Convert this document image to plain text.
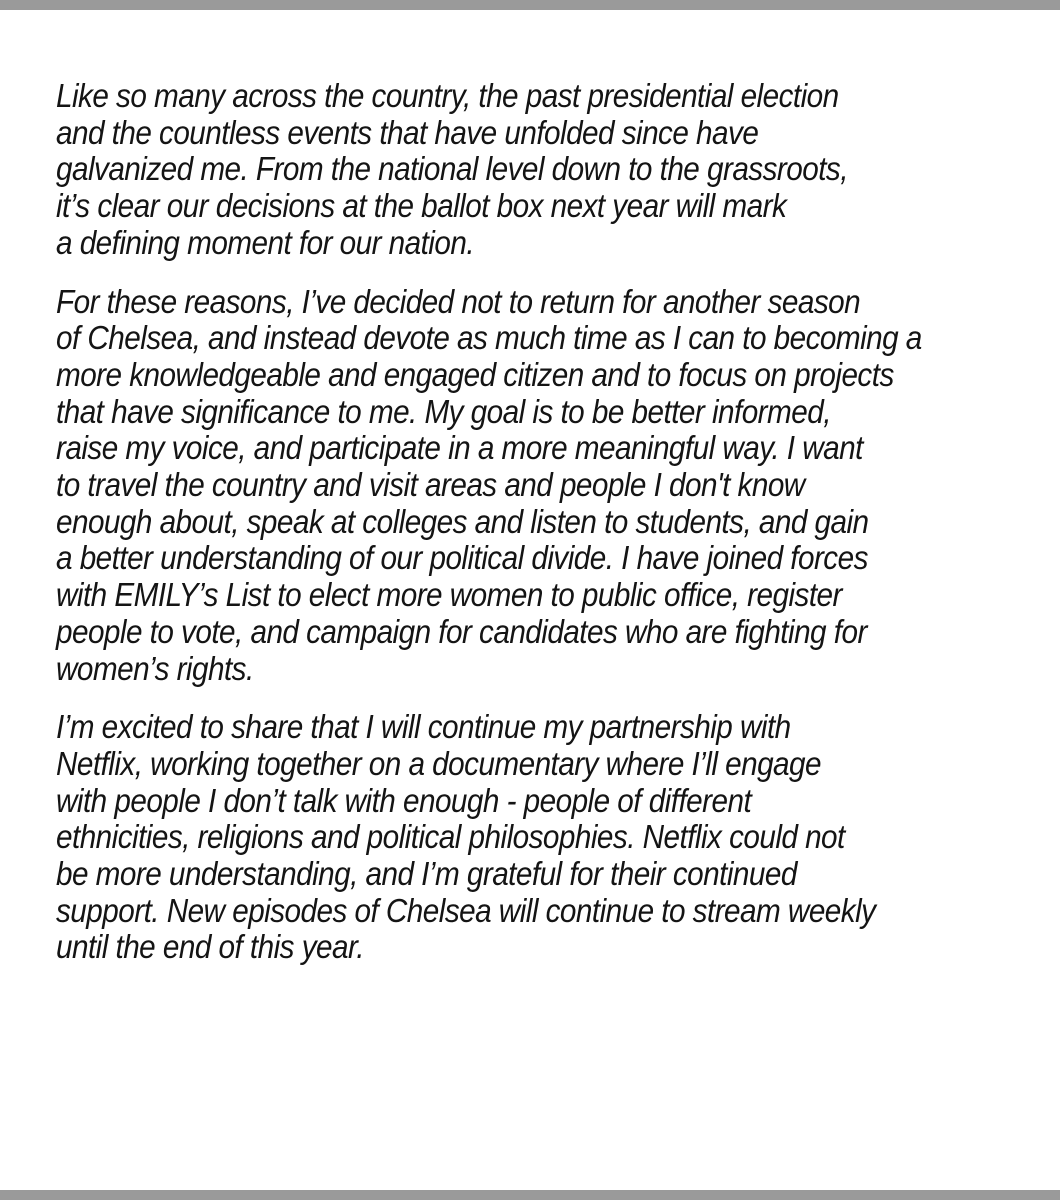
Like so many across the country, the past presidential election
and the countless events that have unfolded since have
galvanized me. From the national level down to the grassroots,
it’s clear our decisions at the ballot box next year will mark
a defining moment for our nation.

For these reasons, I’ve decided not to return for another season
of Chelsea, and instead devote as much time as I can to becoming a
more knowledgeable and engaged citizen and to focus on projects
that have significance to me. My goal is to be better informed,
raise my voice, and participate in a more meaningful way. I want
to travel the country and visit areas and people I don't know
enough about, speak at colleges and listen to students, and gain
a better understanding of our political divide. I have joined forces
with EMILY’s List to elect more women to public office, register
people to vote, and campaign for candidates who are fighting for
women’s rights.

I’m excited to share that I will continue my partnership with
Netflix, working together on a documentary where I’ll engage
with people I don’t talk with enough - people of different
ethnicities, religions and political philosophies. Netflix could not
be more understanding, and I’m grateful for their continued
support. New episodes of Chelsea will continue to stream weekly
until the end of this year.
